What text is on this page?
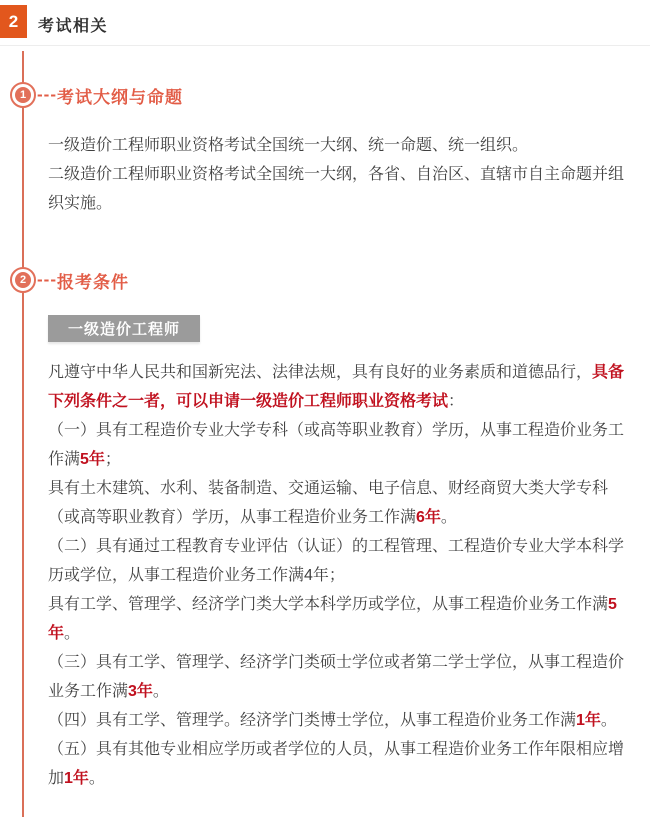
2	考试相关
1 --- 考试大纲与命题

一级造价工程师职业资格考试全国统一大纲、统一命题、统一组织。

二级造价工程师职业资格考试全国统一大纲，各省、自治区、直辖市自主命题并组织实施。

2 --- 报考条件
一级造价工程师

凡遵守中华人民共和国新宪法、法律法规，具有良好的业务素质和道德品行，具备下列条件之一者，可以申请一级造价工程师职业资格考试：

（一）具有工程造价专业大学专科（或高等职业教育）学历，从事工程造价业务工作满5年；

具有土木建筑、水利、装备制造、交通运输、电子信息、财经商贸大类大学专科（或高等职业教育）学历，从事工程造价业务工作满6年。

（二）具有通过工程教育专业评估（认证）的工程管理、工程造价专业大学本科学历或学位，从事工程造价业务工作满4年；

具有工学、管理学、经济学门类大学本科学历或学位，从事工程造价业务工作满5年。

（三）具有工学、管理学、经济学门类硕士学位或者第二学士学位，从事工程造价业务工作满3年。

（四）具有工学、管理学。经济学门类博士学位，从事工程造价业务工作满1年。

（五）具有其他专业相应学历或者学位的人员，从事工程造价业务工作年限相应增加1年。
